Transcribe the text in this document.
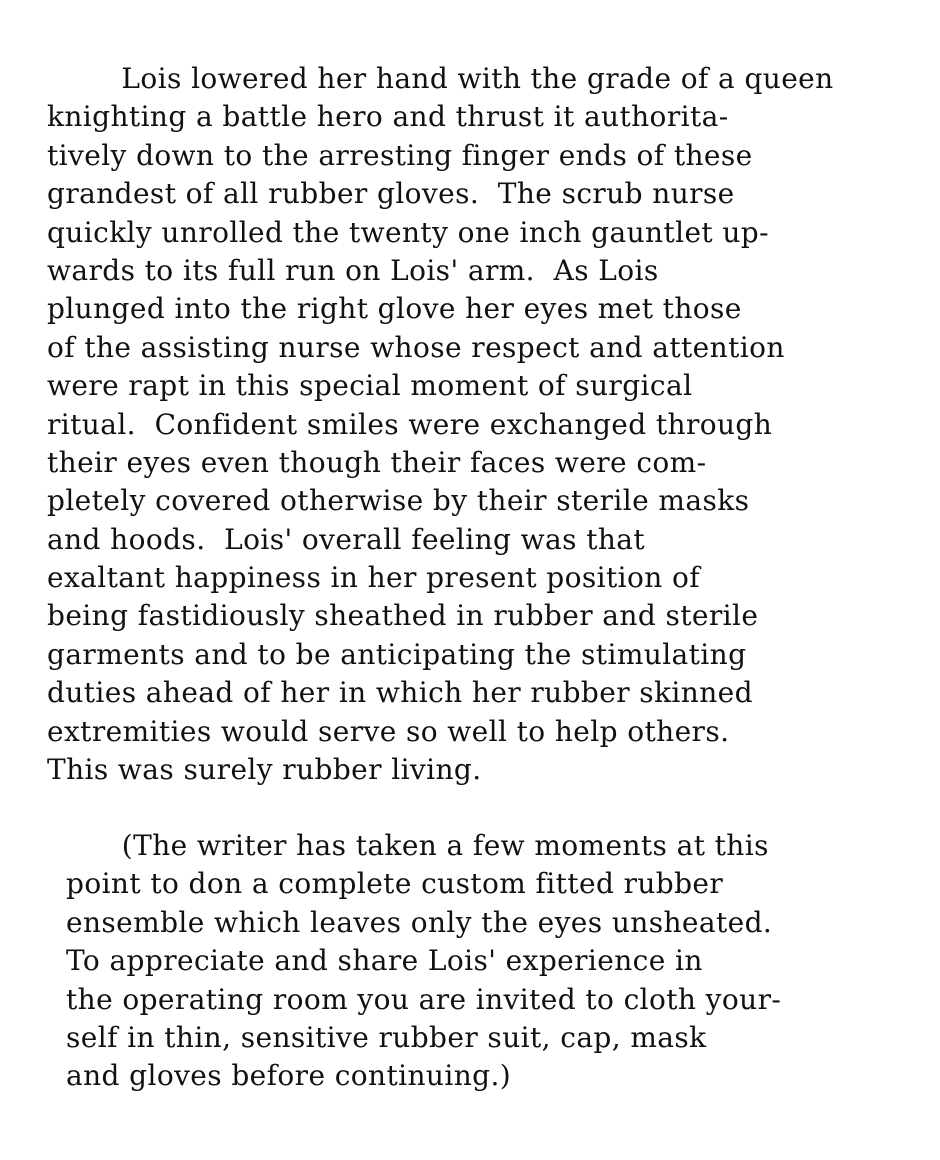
Lois lowered her hand with the grade of a queen
knighting a battle hero and thrust it authorita-
tively down to the arresting finger ends of these
grandest of all rubber gloves.  The scrub nurse
quickly unrolled the twenty one inch gauntlet up-
wards to its full run on Lois' arm.  As Lois
plunged into the right glove her eyes met those
of the assisting nurse whose respect and attention
were rapt in this special moment of surgical
ritual.  Confident smiles were exchanged through
their eyes even though their faces were com-
pletely covered otherwise by their sterile masks
and hoods.  Lois' overall feeling was that
exaltant happiness in her present position of
being fastidiously sheathed in rubber and sterile
garments and to be anticipating the stimulating
duties ahead of her in which her rubber skinned
extremities would serve so well to help others.
This was surely rubber living.
(The writer has taken a few moments at this
point to don a complete custom fitted rubber
ensemble which leaves only the eyes unsheated.
To appreciate and share Lois' experience in
the operating room you are invited to cloth your-
self in thin, sensitive rubber suit, cap, mask
and gloves before continuing.)
